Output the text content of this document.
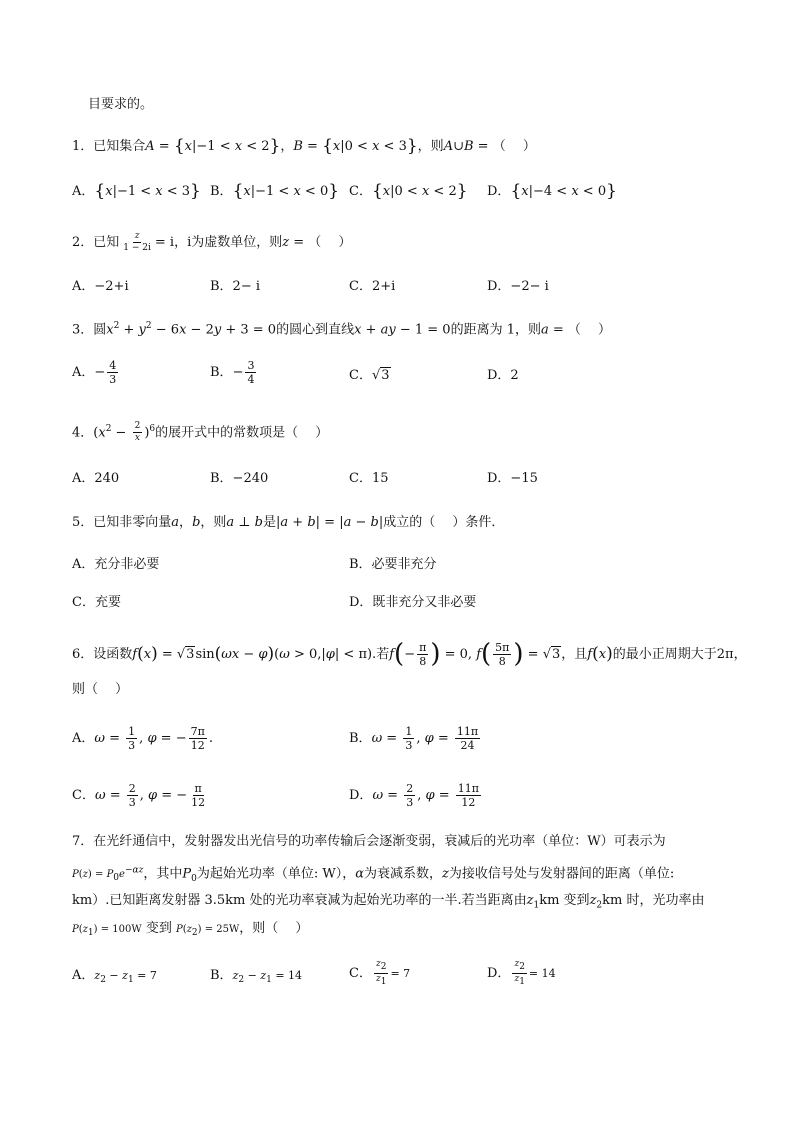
目要求的。
1．已知集合A = {x|−1 < x < 2}，B = {x|0 < x < 3}，则A∪B = （　 ）
A．{x|−1 < x < 3} B．{x|−1 < x < 0} C．{x|0 < x < 2} D．{x|−4 < x < 0}
2．已知 $\frac{z}{1 - 2i} = i$，i为虚数单位，则z = （　 ）
A．−2+i	B．2− i	C．2+i	D．−2− i
3．圆$x^2 + y^2 - 6x - 2y + 3 = 0$的圆心到直线x + ay − 1 = 0的距离为 1，则a = （　 ）
A．− $\frac{4}{3}$	B．− $\frac{3}{4}$	C．√3	D．2
4．$(x^2 - \frac{2}{x} )^6$的展开式中的常数项是（　 ）
A．240	B．−240	C．15	D．−15
5．已知非零向量a，b，则a ⊥ b是|a + b| = |a − b|成立的（　 ）条件．
A．充分非必要	B．必要非充分
C．充要	D．既非充分又非必要
6．设函数f(x) = √3sin(ωx − φ)(ω > 0,|φ| < π).若$f(- \frac{\pi}{8}$ ) = 0, $f( \frac{5\pi}{8}$ ) = √3，且f(x)的最小正周期大于2π，
则（　 ）
A．$\omega = \frac{1}{3}$ , φ = − $\frac{7\pi}{12}$ .	B．$\omega = \frac{1}{3}$ , $\varphi = \frac{11\pi}{24}$
C．$\omega = \frac{2}{3}$ , φ = − $\frac{\pi}{12}$	D．$\omega = \frac{2}{3}$ , $\varphi = \frac{11\pi}{12}$
7．在光纤通信中，发射器发出光信号的功率传输后会逐渐变弱，衰减后的光功率（单位：W）可表示为
P(z) = P0e−αz，其中$P_0$为起始光功率（单位: W），α为衰减系数，z为接收信号处与发射器间的距离（单位:
km）.已知距离发射器 3.5km 处的光功率衰减为起始光功率的一半.若当距离由$z_1km$ 变到$z_2km$ 时，光功率由
P(z1) = 100W 变到 P(z2) = 25W，则（　 ）
A．$z_2 - z_1 = 7$	B．$z_2 - z_1 = 14$	C． $\frac{z2}{z1} = 7$	D． $\frac{z2}{z1} = 14$
